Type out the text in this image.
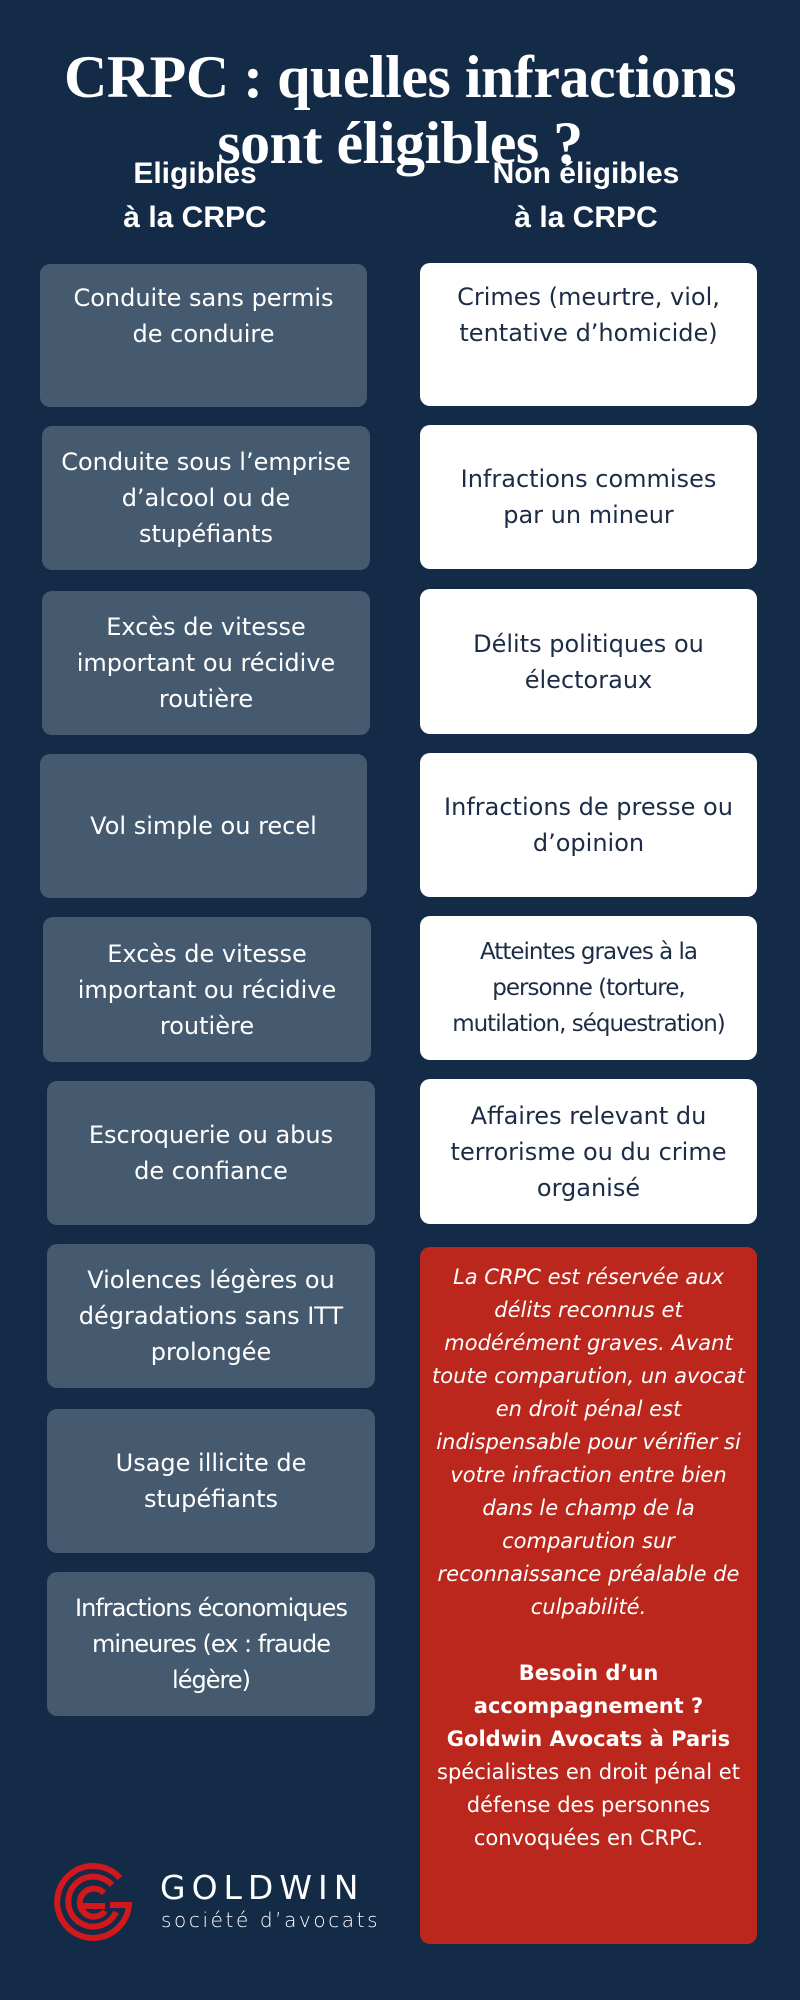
CRPC : quelles infractions
sont éligibles ?
Eligibles
à la CRPC
Non éligibles
à la CRPC
Conduite sans permis de conduire
Conduite sous l’emprise d’alcool ou de stupéfiants
Excès de vitesse important ou récidive routière
Vol simple ou recel
Excès de vitesse important ou récidive routière
Escroquerie ou abus de confiance
Violences légères ou dégradations sans ITT prolongée
Usage illicite de stupéfiants
Infractions économiques mineures (ex : fraude légère)
Crimes (meurtre, viol, tentative d’homicide)
Infractions commises par un mineur
Délits politiques ou électoraux
Infractions de presse ou d’opinion
Atteintes graves à la personne (torture, mutilation, séquestration)
Affaires relevant du terrorisme ou du crime organisé
La CRPC est réservée aux délits reconnus et modérément graves. Avant toute comparution, un avocat en droit pénal est indispensable pour vérifier si votre infraction entre bien dans le champ de la comparution sur reconnaissance préalable de culpabilité.
Besoin d’un accompagnement ? Goldwin Avocats à Paris
spécialistes en droit pénal et défense des personnes convoquées en CRPC.
GOLDWIN
société d’avocats
